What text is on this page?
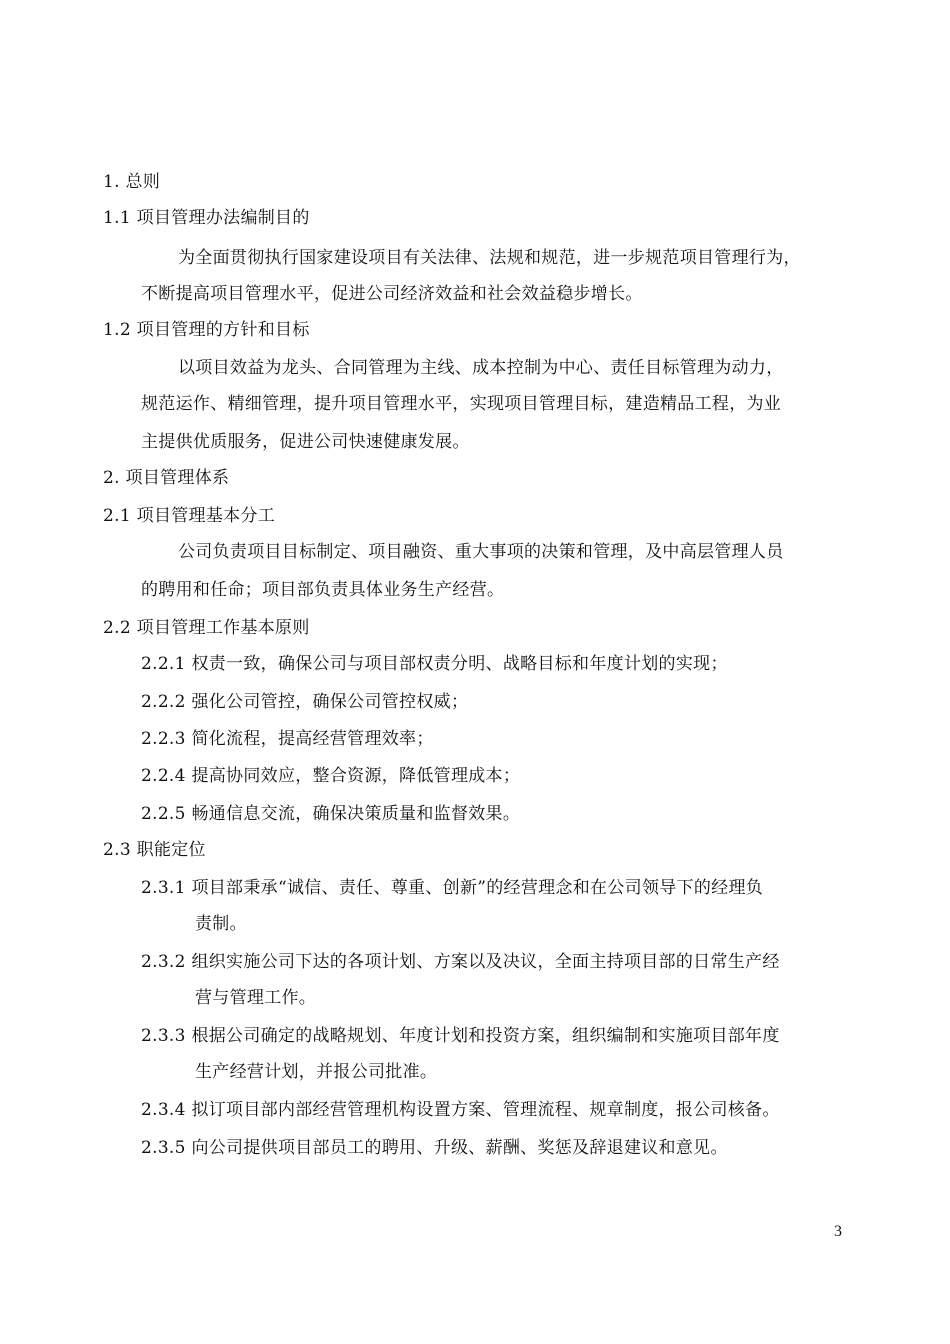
1. 总则
1.1 项目管理办法编制目的
为全面贯彻执行国家建设项目有关法律、法规和规范，进一步规范项目管理行为，
不断提高项目管理水平，促进公司经济效益和社会效益稳步增长。
1.2 项目管理的方针和目标
以项目效益为龙头、合同管理为主线、成本控制为中心、责任目标管理为动力，
规范运作、精细管理，提升项目管理水平，实现项目管理目标，建造精品工程，为业
主提供优质服务，促进公司快速健康发展。
2. 项目管理体系
2.1 项目管理基本分工
公司负责项目目标制定、项目融资、重大事项的决策和管理，及中高层管理人员
的聘用和任命；项目部负责具体业务生产经营。
2.2 项目管理工作基本原则
2.2.1 权责一致，确保公司与项目部权责分明、战略目标和年度计划的实现；
2.2.2 强化公司管控，确保公司管控权威；
2.2.3 简化流程，提高经营管理效率；
2.2.4 提高协同效应，整合资源，降低管理成本；
2.2.5 畅通信息交流，确保决策质量和监督效果。
2.3 职能定位
2.3.1 项目部秉承“诚信、责任、尊重、创新”的经营理念和在公司领导下的经理负
责制。
2.3.2 组织实施公司下达的各项计划、方案以及决议，全面主持项目部的日常生产经
营与管理工作。
2.3.3 根据公司确定的战略规划、年度计划和投资方案，组织编制和实施项目部年度
生产经营计划，并报公司批准。
2.3.4 拟订项目部内部经营管理机构设置方案、管理流程、规章制度，报公司核备。
2.3.5 向公司提供项目部员工的聘用、升级、薪酬、奖惩及辞退建议和意见。
3
